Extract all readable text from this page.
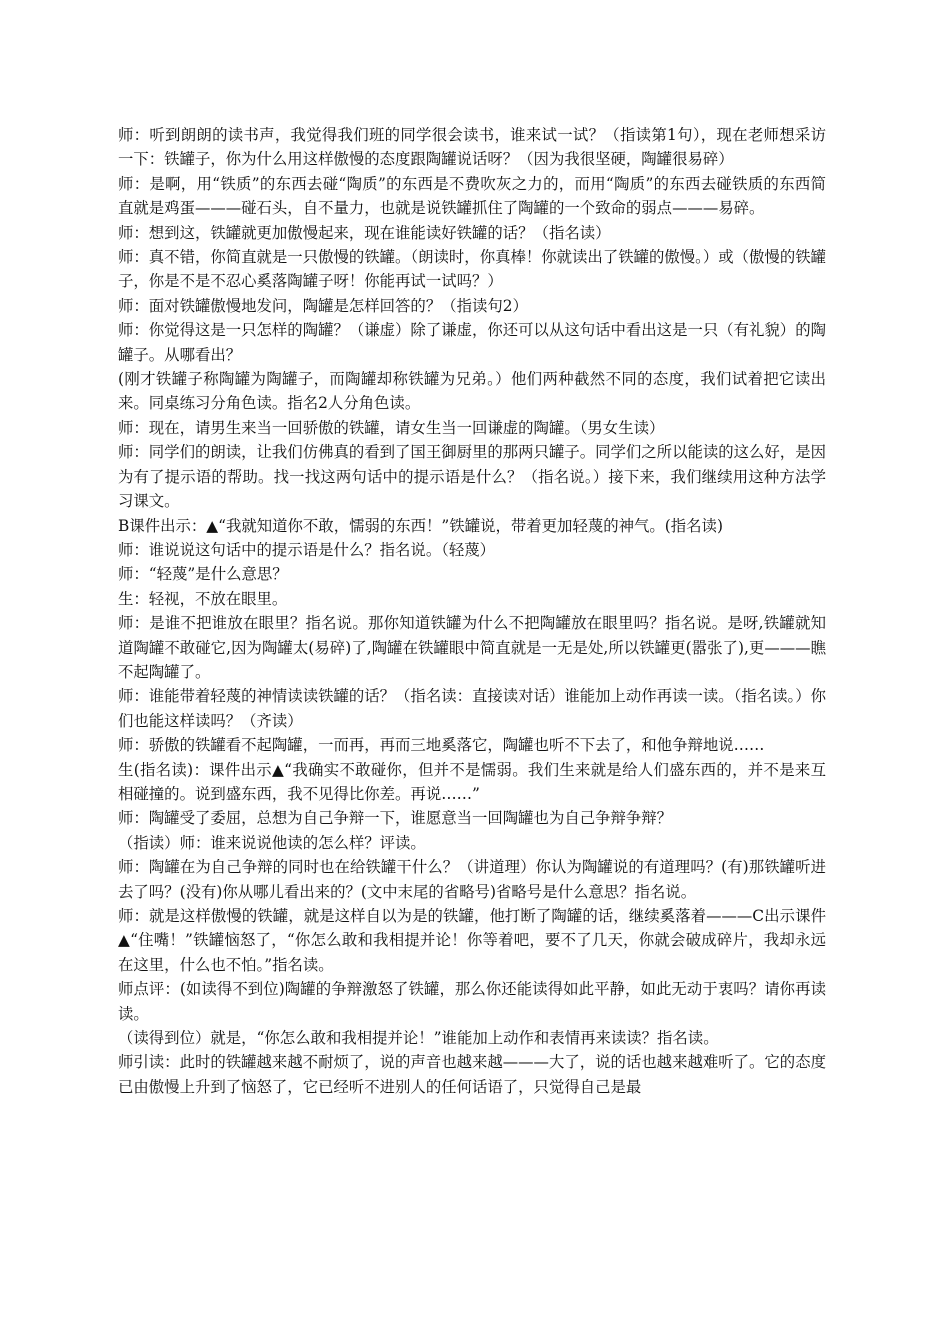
师：听到朗朗的读书声，我觉得我们班的同学很会读书，谁来试一试？（指读第1句），现在老师想采访一下：铁罐子，你为什么用这样傲慢的态度跟陶罐说话呀？（因为我很坚硬，陶罐很易碎）

师：是啊，用“铁质”的东西去碰“陶质”的东西是不费吹灰之力的，而用“陶质”的东西去碰铁质的东西简直就是鸡蛋———碰石头，自不量力，也就是说铁罐抓住了陶罐的一个致命的弱点———易碎。

师：想到这，铁罐就更加傲慢起来，现在谁能读好铁罐的话？（指名读）

师：真不错，你简直就是一只傲慢的铁罐。（朗读时，你真棒！你就读出了铁罐的傲慢。）或（傲慢的铁罐子，你是不是不忍心奚落陶罐子呀！你能再试一试吗？）

师：面对铁罐傲慢地发问，陶罐是怎样回答的？（指读句2）

师：你觉得这是一只怎样的陶罐？（谦虚）除了谦虚，你还可以从这句话中看出这是一只（有礼貌）的陶罐子。从哪看出？

(刚才铁罐子称陶罐为陶罐子，而陶罐却称铁罐为兄弟。）他们两种截然不同的态度，我们试着把它读出来。同桌练习分角色读。指名2人分角色读。

师：现在，请男生来当一回骄傲的铁罐，请女生当一回谦虚的陶罐。（男女生读）

师：同学们的朗读，让我们仿佛真的看到了国王御厨里的那两只罐子。同学们之所以能读的这么好，是因为有了提示语的帮助。找一找这两句话中的提示语是什么？（指名说。）接下来，我们继续用这种方法学习课文。

B课件出示：▲“我就知道你不敢，懦弱的东西！”铁罐说，带着更加轻蔑的神气。(指名读)

师：谁说说这句话中的提示语是什么？指名说。（轻蔑）

师：“轻蔑”是什么意思？

生：轻视，不放在眼里。

师：是谁不把谁放在眼里？指名说。那你知道铁罐为什么不把陶罐放在眼里吗？指名说。是呀,铁罐就知道陶罐不敢碰它,因为陶罐太(易碎)了,陶罐在铁罐眼中简直就是一无是处,所以铁罐更(嚣张了),更———瞧不起陶罐了。

师：谁能带着轻蔑的神情读读铁罐的话？（指名读：直接读对话）谁能加上动作再读一读。（指名读。）你们也能这样读吗？（齐读）

师：骄傲的铁罐看不起陶罐，一而再，再而三地奚落它，陶罐也听不下去了，和他争辩地说……

生(指名读)：课件出示▲“我确实不敢碰你，但并不是懦弱。我们生来就是给人们盛东西的，并不是来互相碰撞的。说到盛东西，我不见得比你差。再说……”

师：陶罐受了委屈，总想为自己争辩一下，谁愿意当一回陶罐也为自己争辩争辩？

（指读）师：谁来说说他读的怎么样？评读。

师：陶罐在为自己争辩的同时也在给铁罐干什么？（讲道理）你认为陶罐说的有道理吗？(有)那铁罐听进去了吗？(没有)你从哪儿看出来的？(文中末尾的省略号)省略号是什么意思？指名说。

师：就是这样傲慢的铁罐，就是这样自以为是的铁罐，他打断了陶罐的话，继续奚落着———C出示课件▲“住嘴！”铁罐恼怒了，“你怎么敢和我相提并论！你等着吧，要不了几天，你就会破成碎片，我却永远在这里，什么也不怕。”指名读。

师点评：(如读得不到位)陶罐的争辩激怒了铁罐，那么你还能读得如此平静，如此无动于衷吗？请你再读读。

（读得到位）就是，“你怎么敢和我相提并论！”谁能加上动作和表情再来读读？指名读。

师引读：此时的铁罐越来越不耐烦了，说的声音也越来越———大了，说的话也越来越难听了。它的态度已由傲慢上升到了恼怒了，它已经听不进别人的任何话语了，只觉得自己是最
